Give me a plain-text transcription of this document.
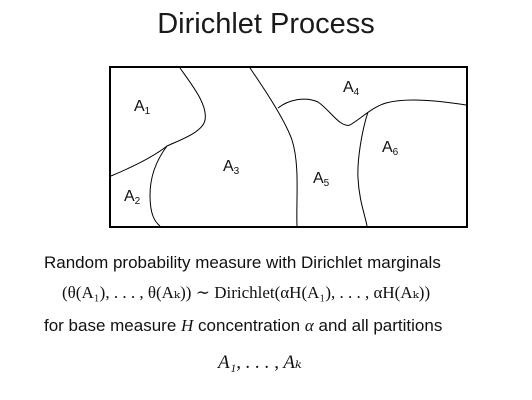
Dirichlet Process
A1
A2
A3
A4
A5
A6
Random probability measure with Dirichlet marginals
(θ(A₁), . . . , θ(Aₖ)) ∼ Dirichlet(αH(A₁), . . . , αH(Aₖ))
for base measure H concentration α and all partitions
A₁, . . . , Aₖ
